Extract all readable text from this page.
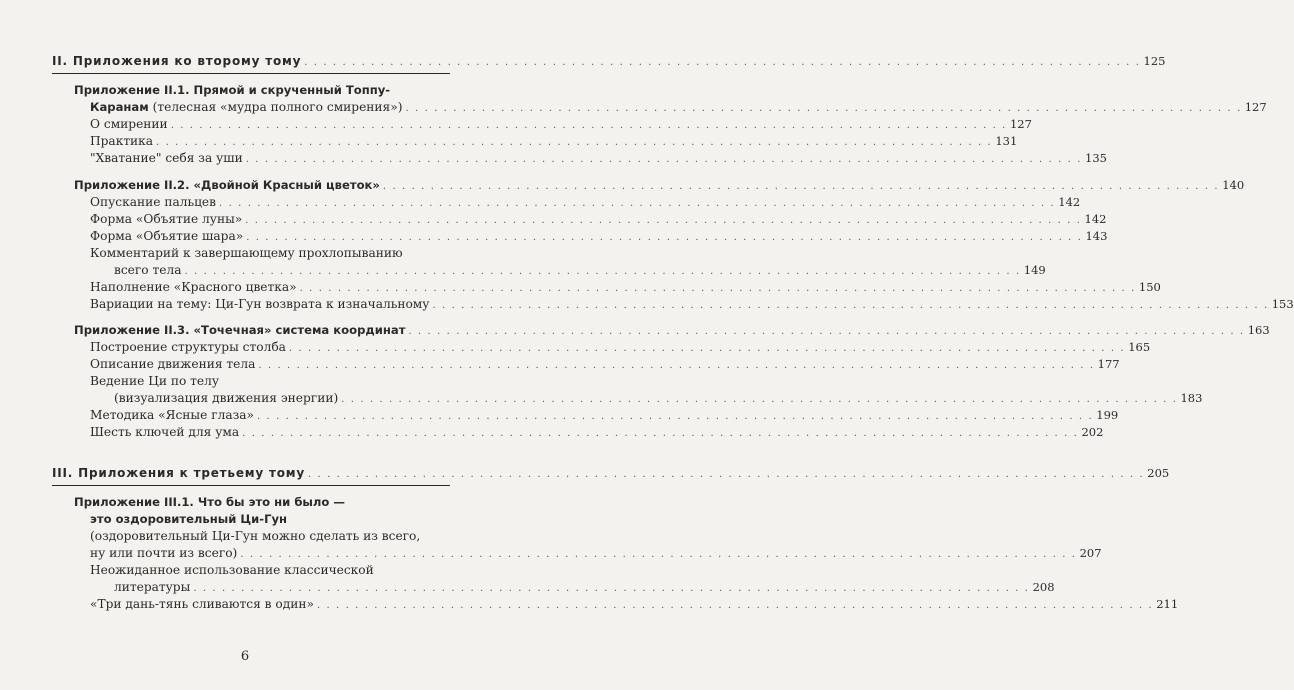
II. Приложения ко второму тому . . .	125
Приложение II.1. Прямой и скрученный Топпу-
Каранам (телесная «мудра полного смирения») . . .	127
О смирении . . .	127
Практика . . .	131
"Хватание" себя за уши . . .	135
Приложение II.2. «Двойной Красный цветок» . . .	140
Опускание пальцев . . .	142
Форма «Объятие луны» . . .	142
Форма «Объятие шара» . . .	143
Комментарий к завершающему прохлопыванию
всего тела . . .	149
Наполнение «Красного цветка» . . .	150
Вариации на тему: Ци-Гун возврата к изначальному . . .	153
Приложение II.3. «Точечная» система координат . . .	163
Построение структуры столба . . .	165
Описание движения тела . . .	177
Ведение Ци по телу
(визуализация движения энергии) . . .	183
Методика «Ясные глаза» . . .	199
Шесть ключей для ума . . .	202
III. Приложения к третьему тому . . .	205
Приложение III.1. Что бы это ни было —
это оздоровительный Ци-Гун
(оздоровительный Ци-Гун можно сделать из всего,
ну или почти из всего) . . .	207
Неожиданное использование классической
литературы . . .	208
«Три дань-тянь сливаются в один» . . .	211
6
